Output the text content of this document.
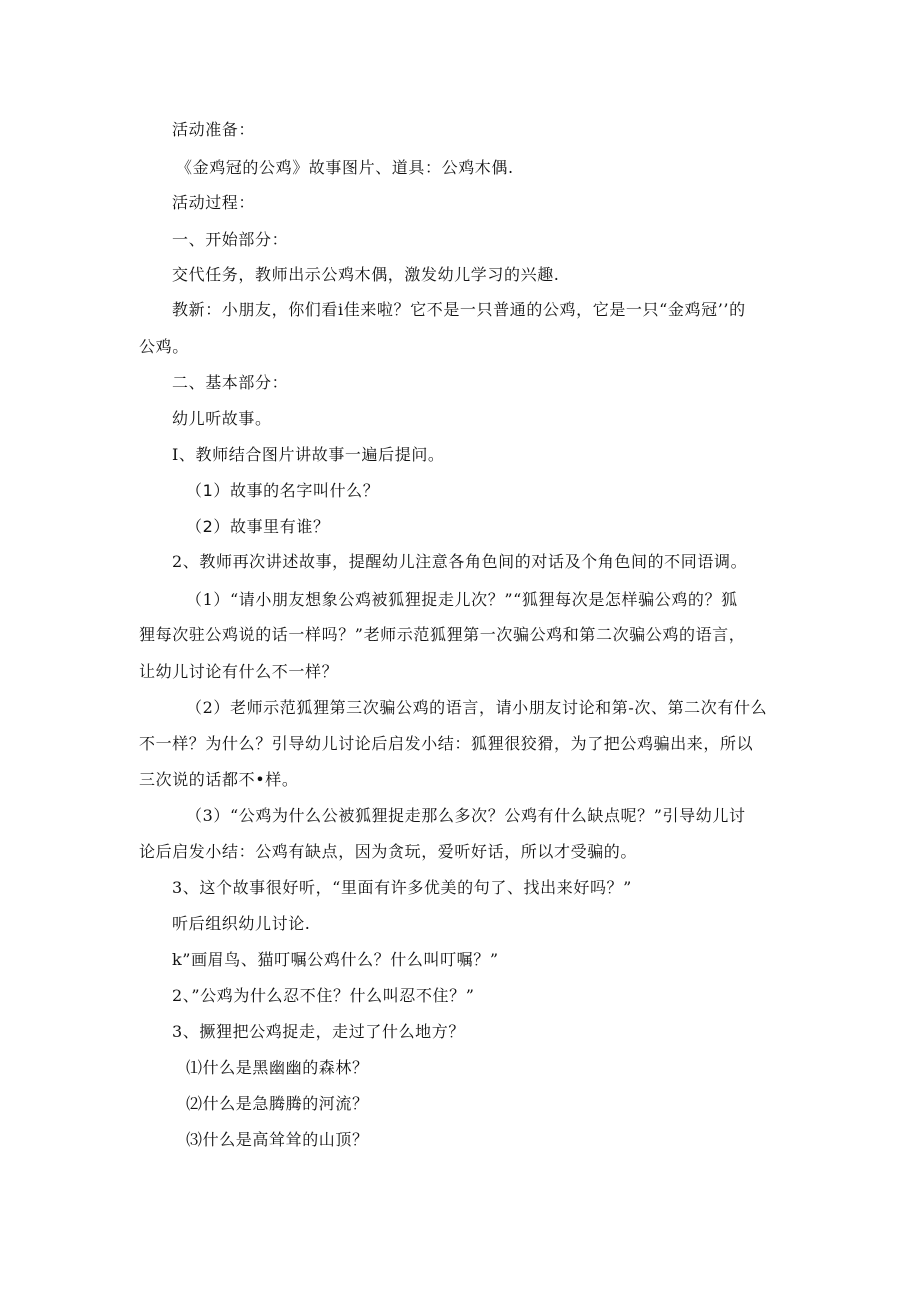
活动准备：
《金鸡冠的公鸡》故事图片、道具：公鸡木偶.
活动过程：
一、开始部分：
交代任务，教师出示公鸡木偶，激发幼儿学习的兴趣.
教新：小朋友，你们看i佳来啦？它不是一只普通的公鸡，它是一只“金鸡冠’’的
公鸡。
二、基本部分：
幼儿听故事。
I、教师结合图片讲故事一遍后提问。
（1）故事的名字叫什么？
（2）故事里有谁？
2、教师再次讲述故事，提醒幼儿注意各角色间的对话及个角色间的不同语调。
（1）“请小朋友想象公鸡被狐狸捉走儿次？”“狐狸每次是怎样骗公鸡的？狐
狸每次驻公鸡说的话一样吗？”老师示范狐狸第一次骗公鸡和第二次骗公鸡的语言，
让幼儿讨论有什么不一样？
（2）老师示范狐狸第三次骗公鸡的语言，请小朋友讨论和第-次、第二次有什么
不一样？为什么？引导幼儿讨论后启发小结：狐狸很狡猾，为了把公鸡骗出来，所以
三次说的话都不•样。
（3）“公鸡为什么公被狐狸捉走那么多次？公鸡有什么缺点呢？”引导幼儿讨
论后启发小结：公鸡有缺点，因为贪玩，爱听好话，所以才受骗的。
3、这个故事很好听，“里面有许多优美的句了、找出来好吗？”
听后组织幼儿讨论.
k”画眉鸟、猫叮嘱公鸡什么？什么叫叮嘱？”
2、”公鸡为什么忍不住？什么叫忍不住？”
3、撅狸把公鸡捉走，走过了什么地方？
⑴什么是黑幽幽的森林？
⑵什么是急腾腾的河流？
⑶什么是高耸耸的山顶？
